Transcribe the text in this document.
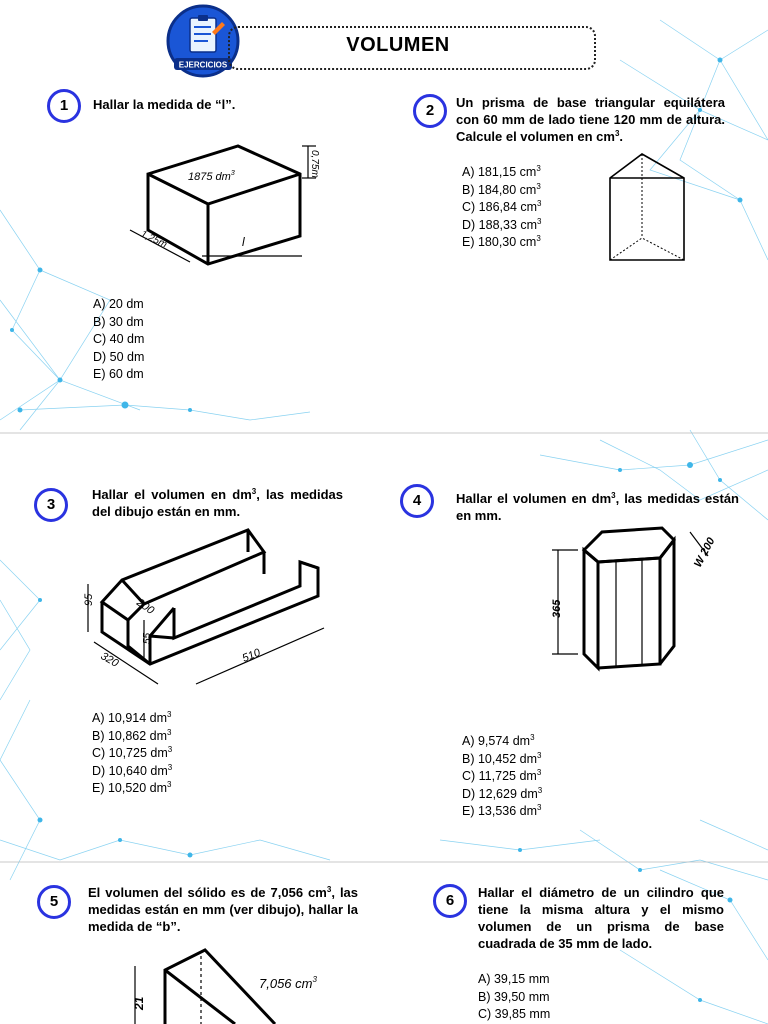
EJERCICIOS
VOLUMEN
1	Hallar la medida de “l”.
1875 $dm^3$	0,75m
1,25m	l
A) 20 dm
B) 30 dm
C) 40 dm
D) 50 dm
E) 60 dm
2	Un prisma de base triangular equilátera con 60 mm de lado tiene 120 mm de altura. Calcule el volumen en $cm^3$.
A) 181,15 $cm^3$
B) 184,80 $cm^3$
C) 186,84 $cm^3$
D) 188,33 $cm^3$
E) 180,30 $cm^3$
3
Hallar el volumen en $dm^3$, las medidas del dibujo están en mm.
200
95
55
320	510
A) 10,914 $dm^3$
B) 10,862 $dm^3$
C) 10,725 $dm^3$
D) 10,640 $dm^3$
E) 10,520 $dm^3$
4	Hallar el volumen en $dm^3$, las medidas están en mm.
365
W 200
A) 9,574 $dm^3$
B) 10,452 $dm^3$
C) 11,725 $dm^3$
D) 12,629 $dm^3$
E) 13,536 $dm^3$
5
El volumen del sólido es de 7,056 $cm^3$, las medidas están en mm (ver dibujo), hallar la medida de “b”.
21
7,056 $cm^3$
6	Hallar el diámetro de un cilindro que tiene la misma altura y el mismo volumen de un prisma de base cuadrada de 35 mm de lado.
A) 39,15 mm
B) 39,50 mm
C) 39,85 mm
